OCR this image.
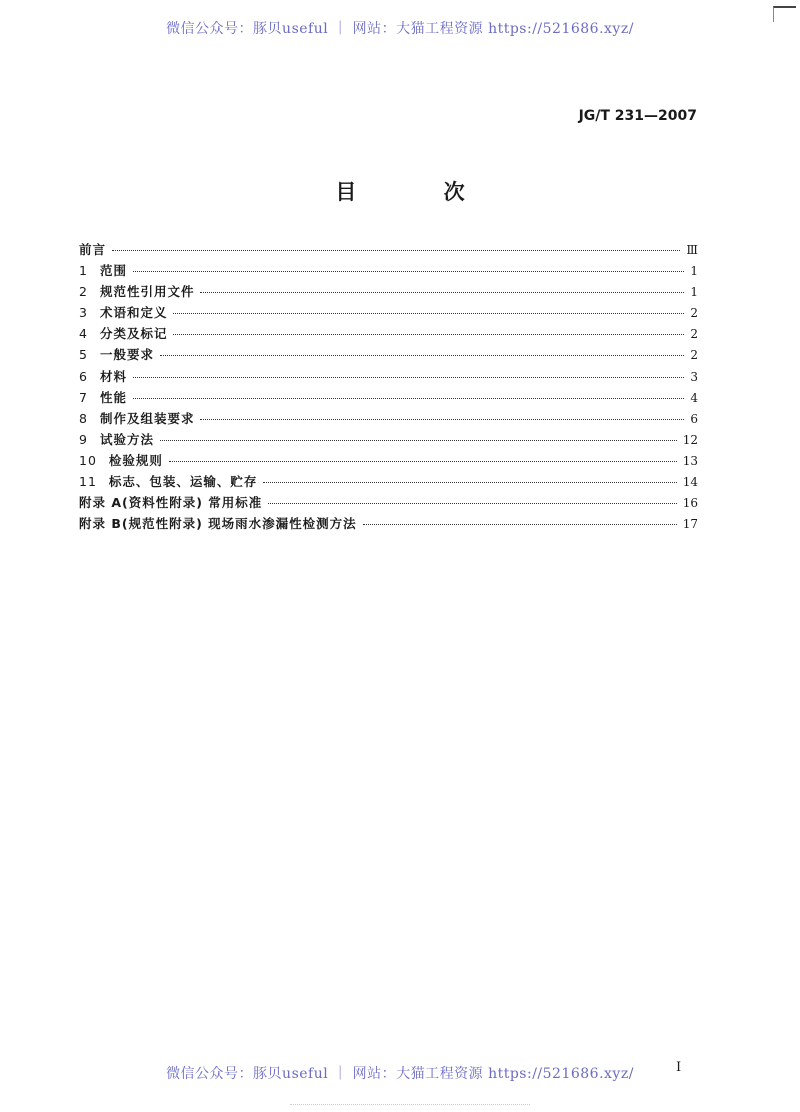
微信公众号：豚贝useful ｜ 网站：大猫工程资源 https://521686.xyz/
JG/T 231—2007
目 次
前言	Ⅲ
1 范围	1
2 规范性引用文件	1
3 术语和定义	2
4 分类及标记	2
5 一般要求	2
6 材料	3
7 性能	4
8 制作及组装要求	6
9 试验方法	12
10 检验规则	13
11 标志、包装、运输、贮存	14
附录 A(资料性附录) 常用标准	16
附录 B(规范性附录) 现场雨水渗漏性检测方法	17
I
微信公众号：豚贝useful ｜ 网站：大猫工程资源 https://521686.xyz/
